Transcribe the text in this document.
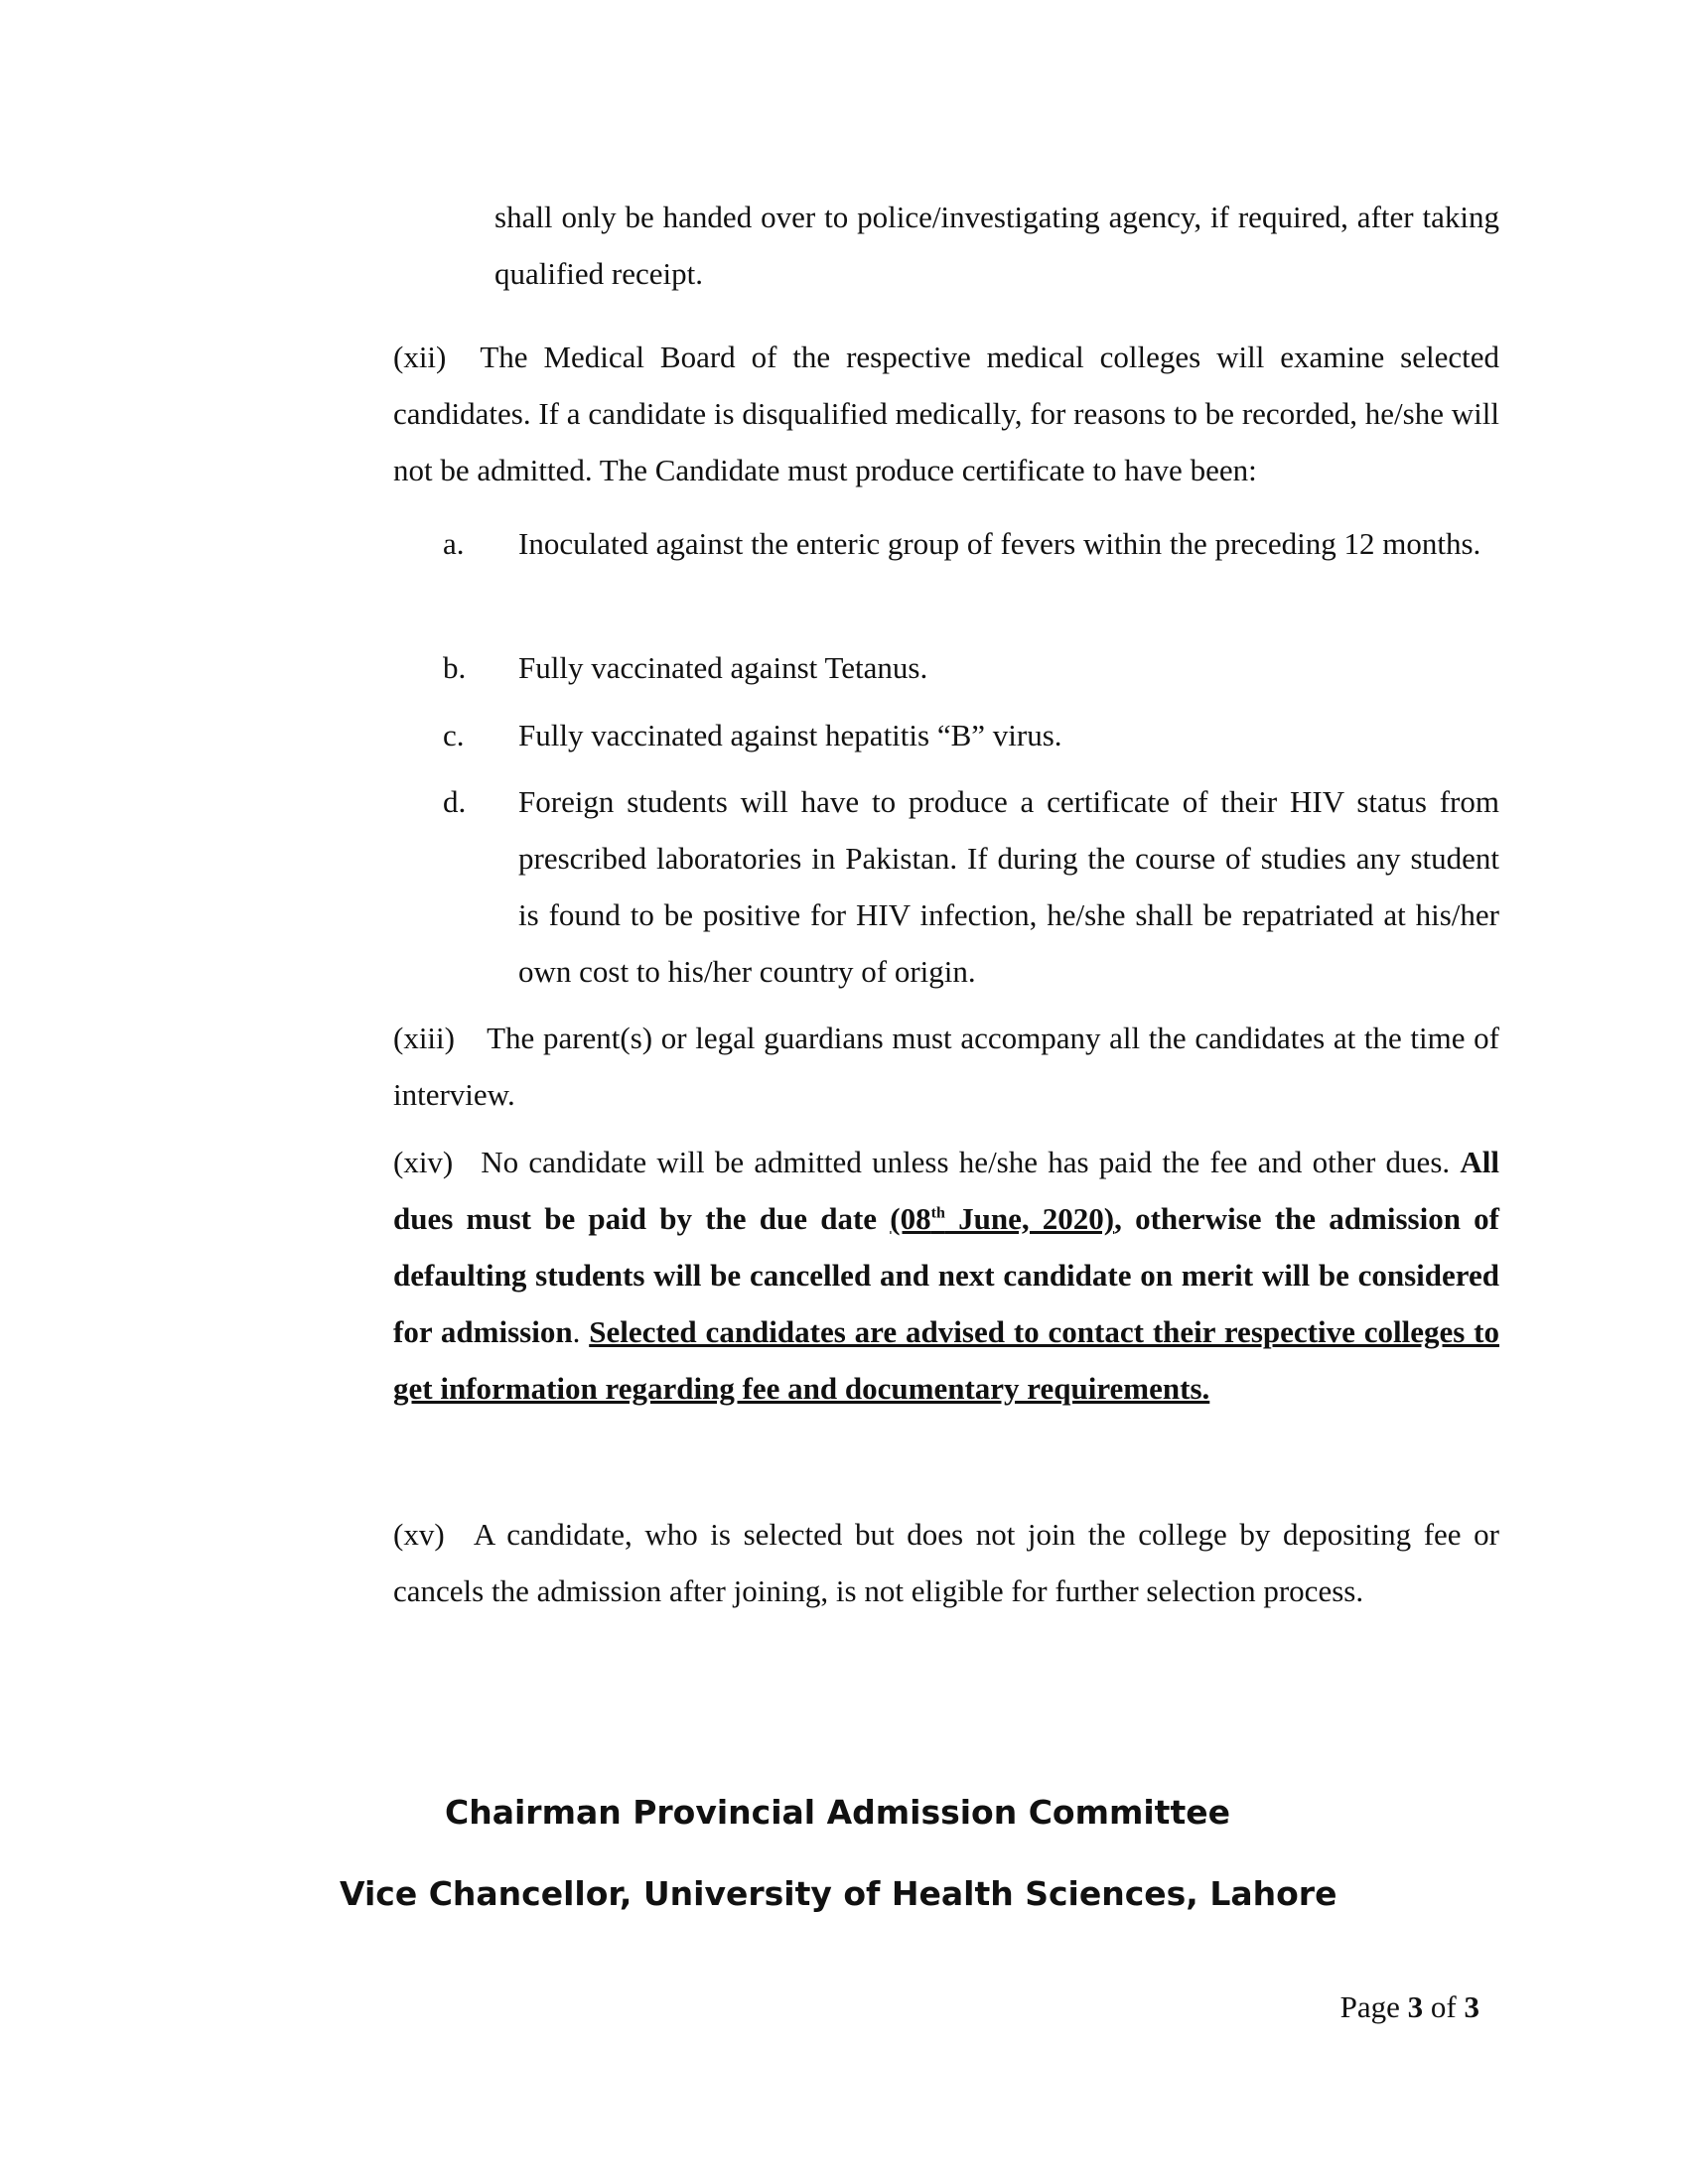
shall only be handed over to police/investigating agency, if required, after taking qualified receipt.

(xii) The Medical Board of the respective medical colleges will examine selected candidates. If a candidate is disqualified medically, for reasons to be recorded, he/she will not be admitted. The Candidate must produce certificate to have been:

a.	Inoculated against the enteric group of fevers within the preceding 12 months.
b.	Fully vaccinated against Tetanus.
c.	Fully vaccinated against hepatitis “B” virus.
d.	Foreign students will have to produce a certificate of their HIV status from prescribed laboratories in Pakistan. If during the course of studies any student is found to be positive for HIV infection, he/she shall be repatriated at his/her own cost to his/her country of origin.

(xiii) The parent(s) or legal guardians must accompany all the candidates at the time of interview.

(xiv) No candidate will be admitted unless he/she has paid the fee and other dues. All dues must be paid by the due date (08th June, 2020), otherwise the admission of defaulting students will be cancelled and next candidate on merit will be considered for admission. Selected candidates are advised to contact their respective colleges to get information regarding fee and documentary requirements.

(xv) A candidate, who is selected but does not join the college by depositing fee or cancels the admission after joining, is not eligible for further selection process.

Chairman Provincial Admission Committee
Vice Chancellor, University of Health Sciences, Lahore
Page 3 of 3
